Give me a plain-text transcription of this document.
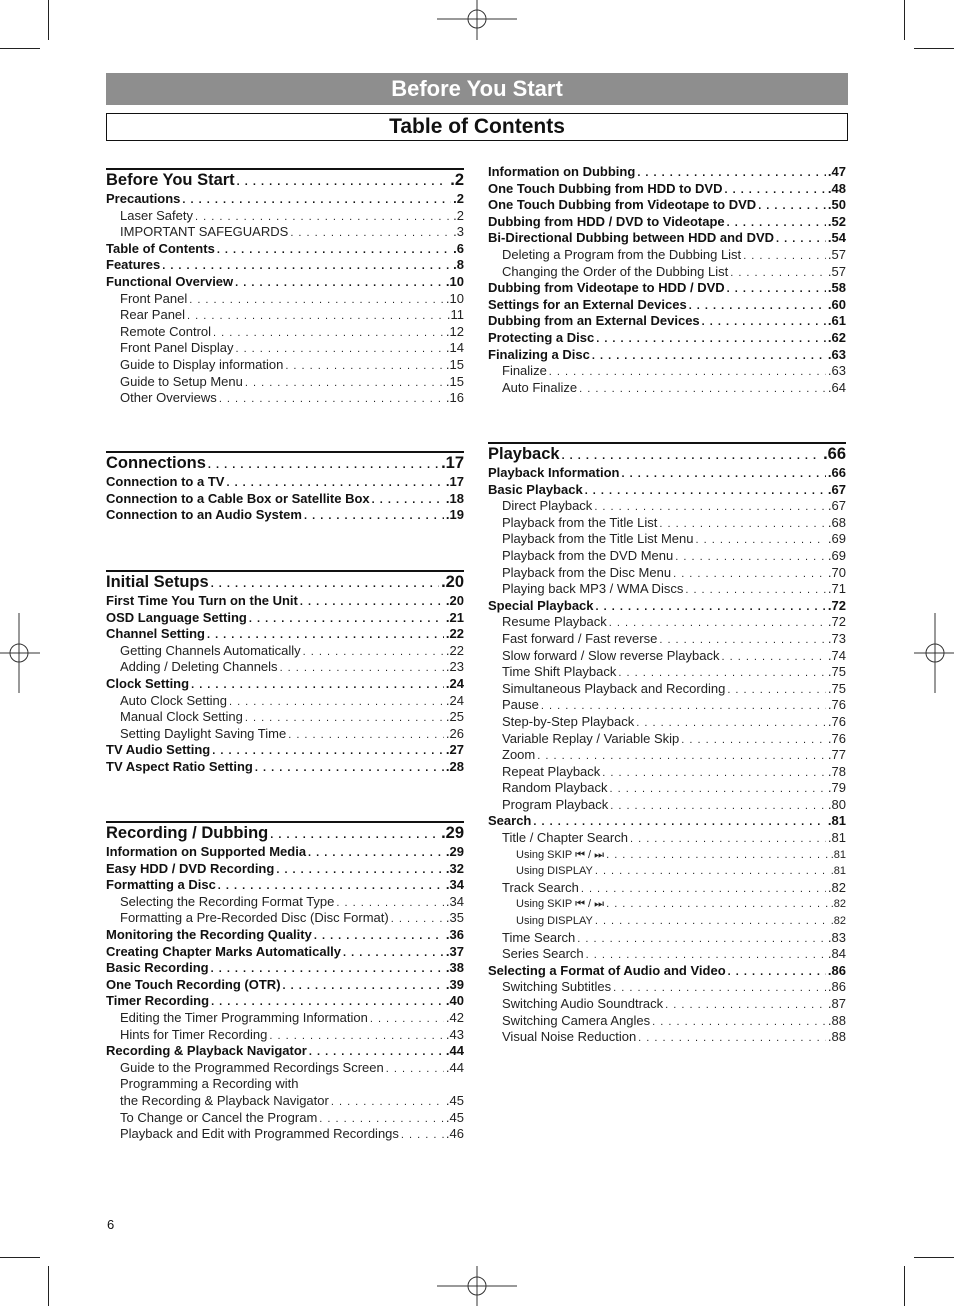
Before You Start
Table of Contents
Before You Start . . .	.2
Precautions . . .	.2
Laser Safety . . .	.2
IMPORTANT SAFEGUARDS . . .	.3
Table of Contents . . .	.6
Features . . .	.8
Functional Overview . . .	.10
Front Panel . . .	.10
Rear Panel . . .	.11
Remote Control . . .	.12
Front Panel Display . . .	.14
Guide to Display information . . .	.15
Guide to Setup Menu . . .	.15
Other Overviews . . .	.16
Connections . . .	.17
Connection to a TV . . .	.17
Connection to a Cable Box or Satellite Box . . .	.18
Connection to an Audio System . . .	.19
Initial Setups . . .	.20
First Time You Turn on the Unit . . .	.20
OSD Language Setting . . .	.21
Channel Setting . . .	.22
Getting Channels Automatically . . .	.22
Adding / Deleting Channels . . .	.23
Clock Setting . . .	.24
Auto Clock Setting . . .	.24
Manual Clock Setting . . .	.25
Setting Daylight Saving Time . . .	.26
TV Audio Setting . . .	.27
TV Aspect Ratio Setting . . .	.28
Recording / Dubbing . . .	.29
Information on Supported Media . . .	.29
Easy HDD / DVD Recording . . .	.32
Formatting a Disc . . .	.34
Selecting the Recording Format Type . . .	.34
Formatting a Pre-Recorded Disc (Disc Format) . . .	.35
Monitoring the Recording Quality . . .	.36
Creating Chapter Marks Automatically . . .	.37
Basic Recording . . .	.38
One Touch Recording (OTR) . . .	.39
Timer Recording . . .	.40
Editing the Timer Programming Information . . .	.42
Hints for Timer Recording . . .	.43
Recording & Playback Navigator . . .	.44
Guide to the Programmed Recordings Screen . . .	.44
Programming a Recording with
the Recording & Playback Navigator . . .	.45
To Change or Cancel the Program . . .	.45
Playback and Edit with Programmed Recordings . . .	.46
Information on Dubbing . . .	.47
One Touch Dubbing from HDD to DVD . . .	.48
One Touch Dubbing from Videotape to DVD . . .	.50
Dubbing from HDD / DVD to Videotape . . .	.52
Bi-Directional Dubbing between HDD and DVD . . .	.54
Deleting a Program from the Dubbing List . . .	.57
Changing the Order of the Dubbing List . . .	.57
Dubbing from Videotape to HDD / DVD . . .	.58
Settings for an External Devices . . .	.60
Dubbing from an External Devices . . .	.61
Protecting a Disc . . .	.62
Finalizing a Disc . . .	.63
Finalize . . .	.63
Auto Finalize . . .	.64
Playback . . .	.66
Playback Information . . .	.66
Basic Playback . . .	.67
Direct Playback . . .	.67
Playback from the Title List . . .	.68
Playback from the Title List Menu . . .	.69
Playback from the DVD Menu . . .	.69
Playback from the Disc Menu . . .	.70
Playing back MP3 / WMA Discs . . .	.71
Special Playback . . .	.72
Resume Playback . . .	.72
Fast forward / Fast reverse . . .	.73
Slow forward / Slow reverse Playback . . .	.74
Time Shift Playback . . .	.75
Simultaneous Playback and Recording . . .	.75
Pause . . .	.76
Step-by-Step Playback . . .	.76
Variable Replay / Variable Skip . . .	.76
Zoom . . .	.77
Repeat Playback . . .	.78
Random Playback . . .	.79
Program Playback . . .	.80
Search . . .	.81
Title / Chapter Search . . .	.81
Using SKIP ⏮ / ⏭ . . .	.81
Using DISPLAY . . .	.81
Track Search . . .	.82
Using SKIP ⏮ / ⏭ . . .	.82
Using DISPLAY . . .	.82
Time Search . . .	.83
Series Search . . .	.84
Selecting a Format of Audio and Video . . .	.86
Switching Subtitles . . .	.86
Switching Audio Soundtrack . . .	.87
Switching Camera Angles . . .	.88
Visual Noise Reduction . . .	.88
6
